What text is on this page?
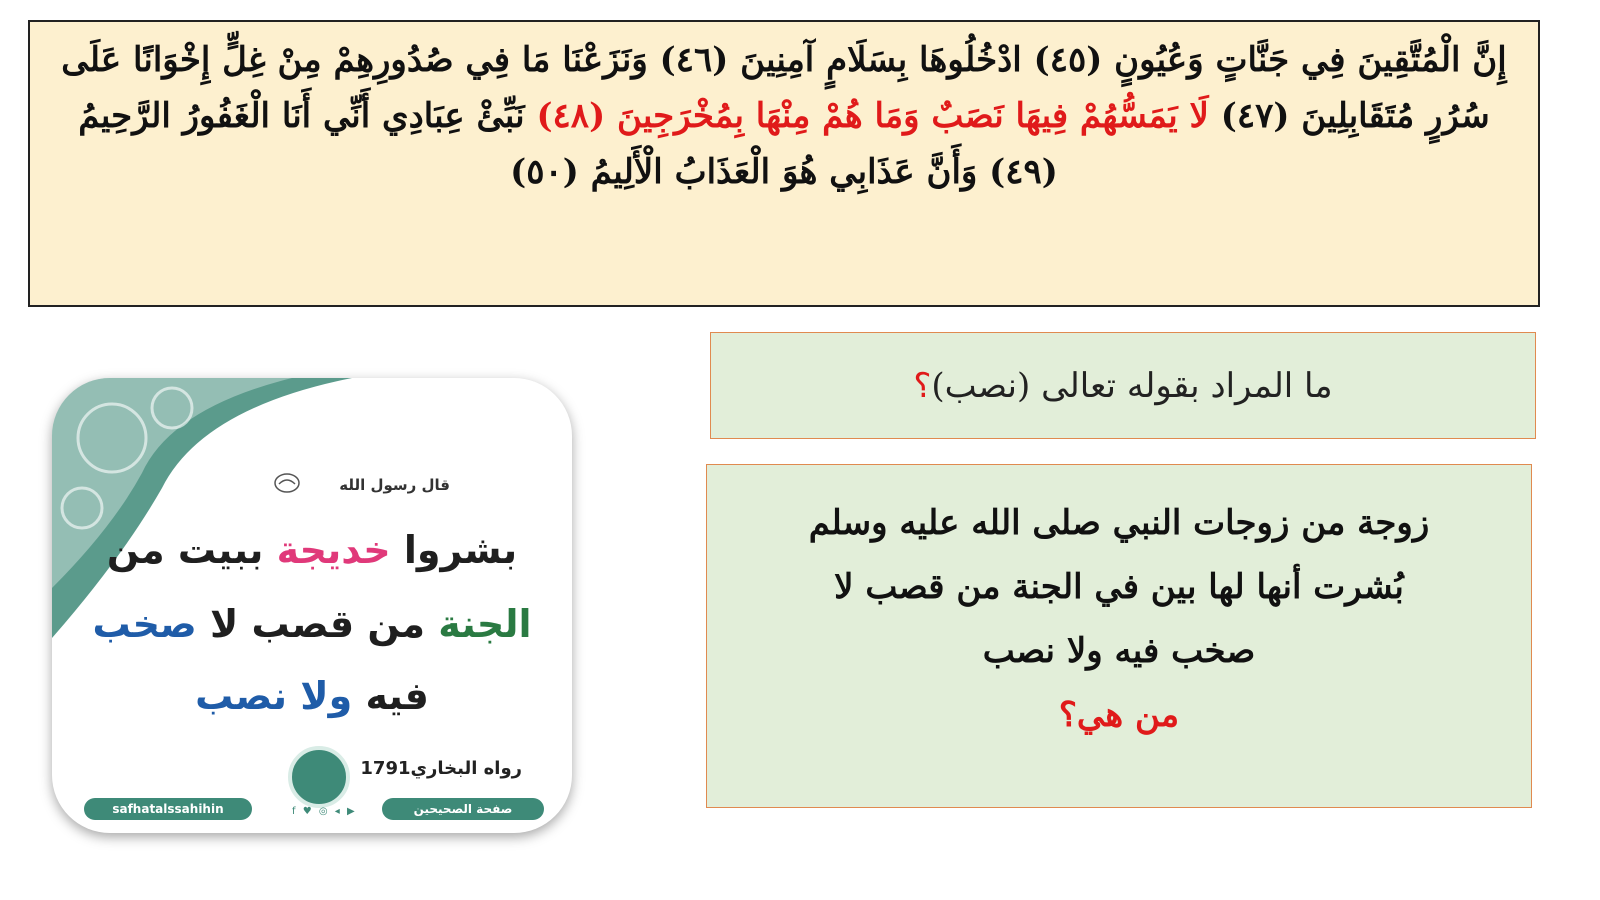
إِنَّ الْمُتَّقِينَ فِي جَنَّاتٍ وَعُيُونٍ (٤٥) ادْخُلُوهَا بِسَلَامٍ آمِنِينَ (٤٦) وَنَزَعْنَا مَا فِي صُدُورِهِمْ مِنْ غِلٍّ إِخْوَانًا عَلَى سُرُرٍ مُتَقَابِلِينَ (٤٧) لَا يَمَسُّهُمْ فِيهَا نَصَبٌ وَمَا هُمْ مِنْهَا بِمُخْرَجِينَ (٤٨) نَبِّئْ عِبَادِي أَنِّي أَنَا الْغَفُورُ الرَّحِيمُ (٤٩) وَأَنَّ عَذَابِي هُوَ الْعَذَابُ الْأَلِيمُ (٥٠)
ما المراد بقوله تعالى (نصب)
؟
زوجة من زوجات النبي صلى الله عليه وسلم
بُشرت أنها لها بين في الجنة من قصب لا
صخب فيه ولا نصب
من هي؟
قال رسول الله
بشروا خديجة ببيت من
الجنة من قصب لا صخب
فيه ولا نصب
رواه البخاري1791
safhatalssahihin	صفحة الصحيحين
f ♥ ◎ ◂ ▶
